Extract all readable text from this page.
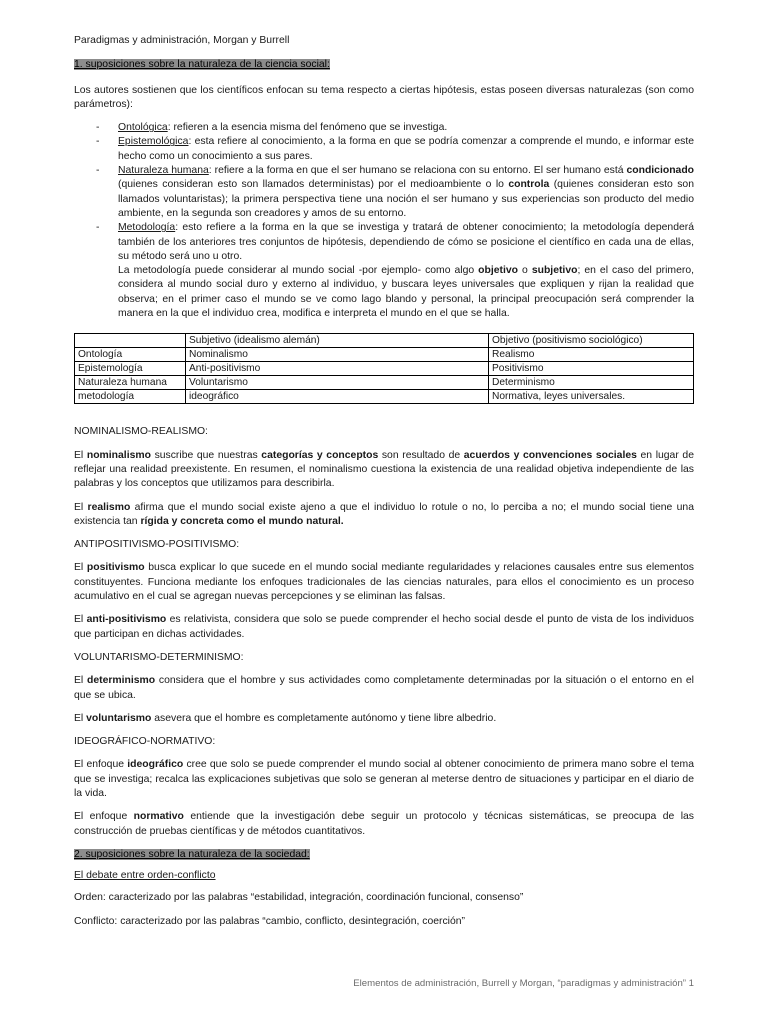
Paradigmas y administración, Morgan y Burrell

1. suposiciones sobre la naturaleza de la ciencia social:

Los autores sostienen que los científicos enfocan su tema respecto a ciertas hipótesis, estas poseen diversas naturalezas (son como parámetros):

- Ontológica: refieren a la esencia misma del fenómeno que se investiga.
- Epistemológica: esta refiere al conocimiento, a la forma en que se podría comenzar a comprende el mundo, e informar este hecho como un conocimiento a sus pares.
- Naturaleza humana: refiere a la forma en que el ser humano se relaciona con su entorno. El ser humano está condicionado (quienes consideran esto son llamados deterministas) por el medioambiente o lo controla (quienes consideran esto son llamados voluntaristas); la primera perspectiva tiene una noción el ser humano y sus experiencias son producto del medio ambiente, en la segunda son creadores y amos de su entorno.
- Metodología: esto refiere a la forma en la que se investiga y tratará de obtener conocimiento; la metodología dependerá también de los anteriores tres conjuntos de hipótesis, dependiendo de cómo se posicione el científico en cada una de ellas, su método será uno u otro.

La metodología puede considerar al mundo social -por ejemplo- como algo objetivo o subjetivo; en el caso del primero, considera al mundo social duro y externo al individuo, y buscara leyes universales que expliquen y rijan la realidad que observa; en el primer caso el mundo se ve como lago blando y personal, la principal preocupación será comprender la manera en la que el individuo crea, modifica e interpreta el mundo en el que se halla.

	Subjetivo (idealismo alemán)	Objetivo (positivismo sociológico)
Ontología	Nominalismo	Realismo
Epistemología	Anti-positivismo	Positivismo
Naturaleza humana	Voluntarismo	Determinismo
metodología	ideográfico	Normativa, leyes universales.

NOMINALISMO-REALISMO:

El nominalismo suscribe que nuestras categorías y conceptos son resultado de acuerdos y convenciones sociales en lugar de reflejar una realidad preexistente. En resumen, el nominalismo cuestiona la existencia de una realidad objetiva independiente de las palabras y los conceptos que utilizamos para describirla.

El realismo afirma que el mundo social existe ajeno a que el individuo lo rotule o no, lo perciba a no; el mundo social tiene una existencia tan rígida y concreta como el mundo natural.

ANTIPOSITIVISMO-POSITIVISMO:

El positivismo busca explicar lo que sucede en el mundo social mediante regularidades y relaciones causales entre sus elementos constituyentes. Funciona mediante los enfoques tradicionales de las ciencias naturales, para ellos el conocimiento es un proceso acumulativo en el cual se agregan nuevas percepciones y se eliminan las falsas.

El anti-positivismo es relativista, considera que solo se puede comprender el hecho social desde el punto de vista de los individuos que participan en dichas actividades.

VOLUNTARISMO-DETERMINISMO:

El determinismo considera que el hombre y sus actividades como completamente determinadas por la situación o el entorno en el que se ubica.

El voluntarismo asevera que el hombre es completamente autónomo y tiene libre albedrio.

IDEOGRÁFICO-NORMATIVO:

El enfoque ideográfico cree que solo se puede comprender el mundo social al obtener conocimiento de primera mano sobre el tema que se investiga; recalca las explicaciones subjetivas que solo se generan al meterse dentro de situaciones y participar en el diario de la vida.

El enfoque normativo entiende que la investigación debe seguir un protocolo y técnicas sistemáticas, se preocupa de las construcción de pruebas científicas y de métodos cuantitativos.

2. suposiciones sobre la naturaleza de la sociedad:

El debate entre orden-conflicto

Orden: caracterizado por las palabras “estabilidad, integración, coordinación funcional, consenso”

Conflicto: caracterizado por las palabras “cambio, conflicto, desintegración, coerción”

Elementos de administración, Burrell y Morgan, “paradigmas y administración” 1
